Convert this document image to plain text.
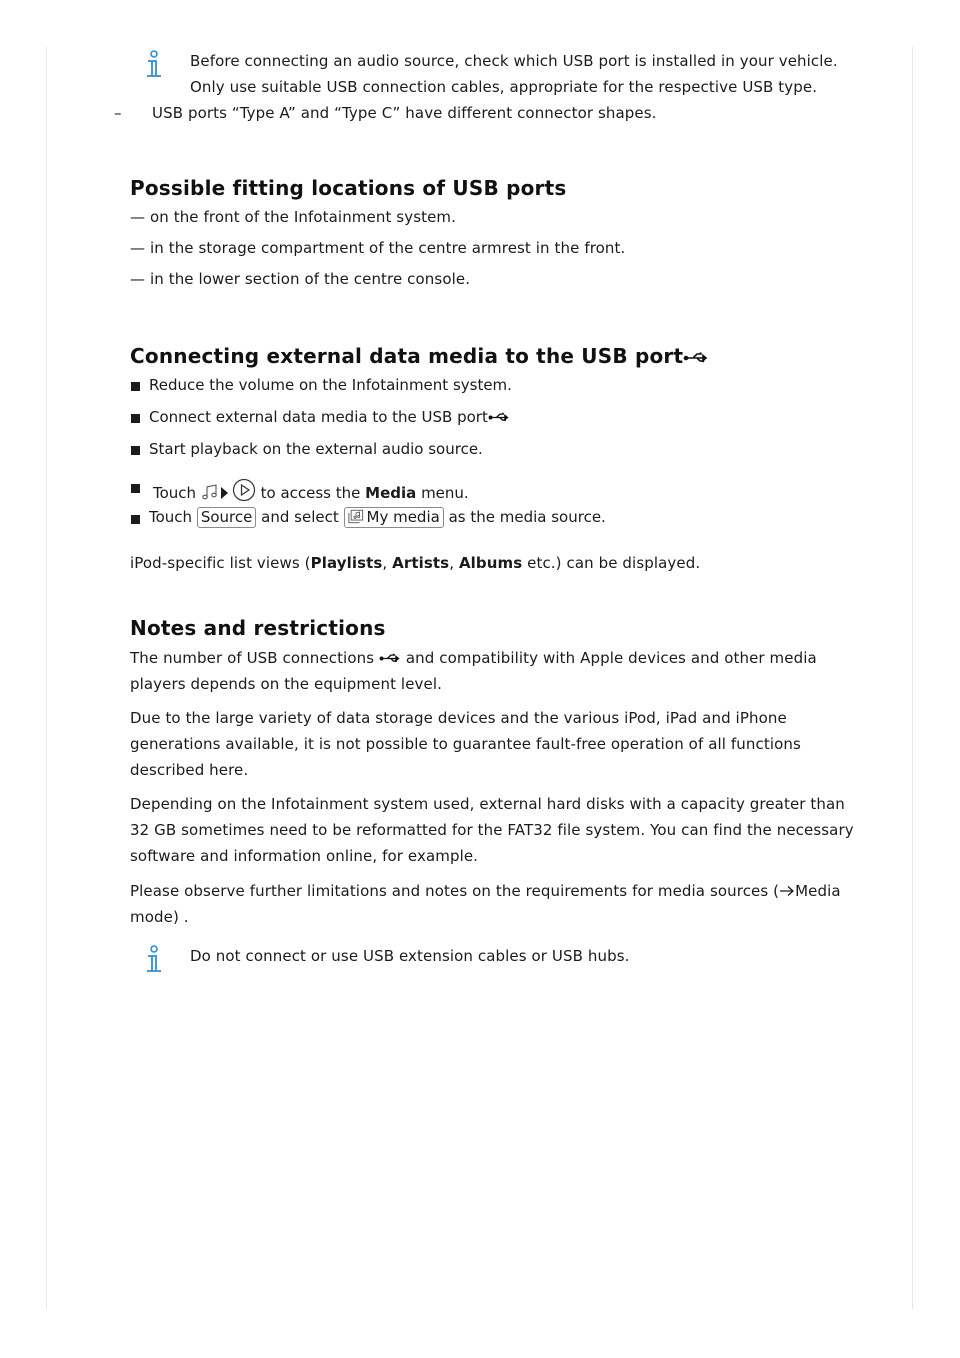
Before connecting an audio source, check which USB port is installed in your vehicle.
Only use suitable USB connection cables, appropriate for the respective USB type.
– USB ports “Type A” and “Type C” have different connector shapes.
Possible fitting locations of USB ports
— on the front of the Infotainment system.
— in the storage compartment of the centre armrest in the front.
— in the lower section of the centre console.
Connecting external data media to the USB port
Reduce the volume on the Infotainment system.
Connect external data media to the USB port
Start playback on the external audio source.
Touch	to access the Media menu.
Touch Source and select My media as the media source.
iPod-specific list views (Playlists, Artists, Albums etc.) can be displayed.
Notes and restrictions
The number of USB connections and compatibility with Apple devices and other media
players depends on the equipment level.
Due to the large variety of data storage devices and the various iPod, iPad and iPhone
generations available, it is not possible to guarantee fault-free operation of all functions
described here.
Depending on the Infotainment system used, external hard disks with a capacity greater than
32 GB sometimes need to be reformatted for the FAT32 file system. You can find the necessary
software and information online, for example.
Please observe further limitations and notes on the requirements for media sources ( Media
mode) .
Do not connect or use USB extension cables or USB hubs.
